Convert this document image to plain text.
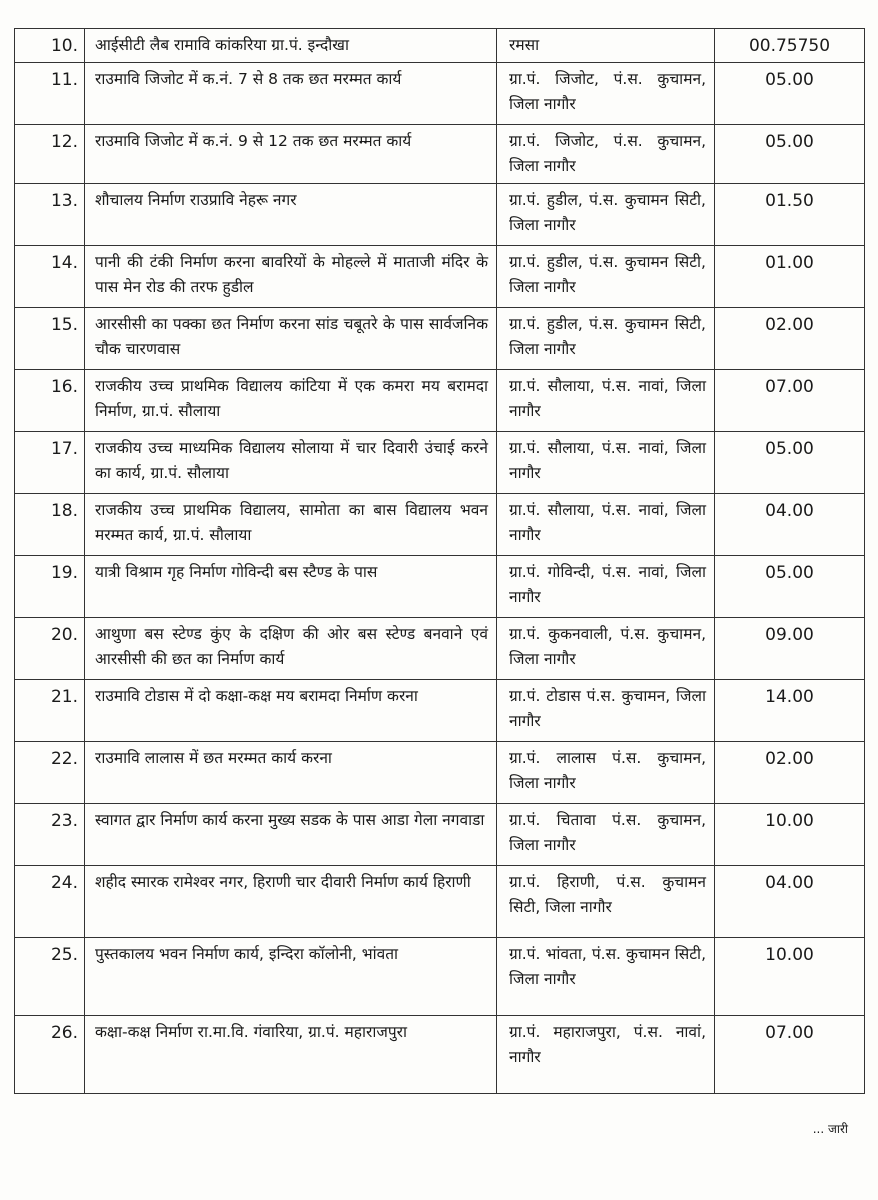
10.	आईसीटी लैब रामावि कांकरिया ग्रा.पं. इन्दौखा	रमसा	00.75750
11.	राउमावि जिजोट में क.नं. 7 से 8 तक छत मरम्मत कार्य	ग्रा.पं. जिजोट, पं.स. कुचामन, जिला नागौर	05.00
12.	राउमावि जिजोट में क.नं. 9 से 12 तक छत मरम्मत कार्य	ग्रा.पं. जिजोट, पं.स. कुचामन, जिला नागौर	05.00
13.	शौचालय निर्माण राउप्रावि नेहरू नगर	ग्रा.पं. हुडील, पं.स. कुचामन सिटी, जिला नागौर	01.50
14.	पानी की टंकी निर्माण करना बावरियों के मोहल्ले में माताजी मंदिर के पास मेन रोड की तरफ हुडील	ग्रा.पं. हुडील, पं.स. कुचामन सिटी, जिला नागौर	01.00
15.	आरसीसी का पक्का छत निर्माण करना सांड चबूतरे के पास सार्वजनिक चौक चारणवास	ग्रा.पं. हुडील, पं.स. कुचामन सिटी, जिला नागौर	02.00
16.	राजकीय उच्च प्राथमिक विद्यालय कांटिया में एक कमरा मय बरामदा निर्माण, ग्रा.पं. सौलाया	ग्रा.पं. सौलाया, पं.स. नावां, जिला नागौर	07.00
17.	राजकीय उच्च माध्यमिक विद्यालय सोलाया में चार दिवारी उंचाई करने का कार्य, ग्रा.पं. सौलाया	ग्रा.पं. सौलाया, पं.स. नावां, जिला नागौर	05.00
18.	राजकीय उच्च प्राथमिक विद्यालय, सामोता का बास विद्यालय भवन मरम्मत कार्य, ग्रा.पं. सौलाया	ग्रा.पं. सौलाया, पं.स. नावां, जिला नागौर	04.00
19.	यात्री विश्राम गृह निर्माण गोविन्दी बस स्टैण्ड के पास	ग्रा.पं. गोविन्दी, पं.स. नावां, जिला नागौर	05.00
20.	आथुणा बस स्टेण्ड कुंए के दक्षिण की ओर बस स्टेण्ड बनवाने एवं आरसीसी की छत का निर्माण कार्य	ग्रा.पं. कुकनवाली, पं.स. कुचामन, जिला नागौर	09.00
21.	राउमावि टोडास में दो कक्षा-कक्ष मय बरामदा निर्माण करना	ग्रा.पं. टोडास पं.स. कुचामन, जिला नागौर	14.00
22.	राउमावि लालास में छत मरम्मत कार्य करना	ग्रा.पं. लालास पं.स. कुचामन, जिला नागौर	02.00
23.	स्वागत द्वार निर्माण कार्य करना मुख्य सडक के पास आडा गेला नगवाडा	ग्रा.पं. चितावा पं.स. कुचामन, जिला नागौर	10.00
24.	शहीद स्मारक रामेश्वर नगर, हिराणी चार दीवारी निर्माण कार्य हिराणी	ग्रा.पं. हिराणी, पं.स. कुचामन सिटी, जिला नागौर	04.00
25.	पुस्तकालय भवन निर्माण कार्य, इन्दिरा कॉलोनी, भांवता	ग्रा.पं. भांवता, पं.स. कुचामन सिटी, जिला नागौर	10.00
26.	कक्षा-कक्ष निर्माण रा.मा.वि. गंवारिया, ग्रा.पं. महाराजपुरा	ग्रा.पं. महाराजपुरा, पं.स. नावां, नागौर	07.00
... जारी
